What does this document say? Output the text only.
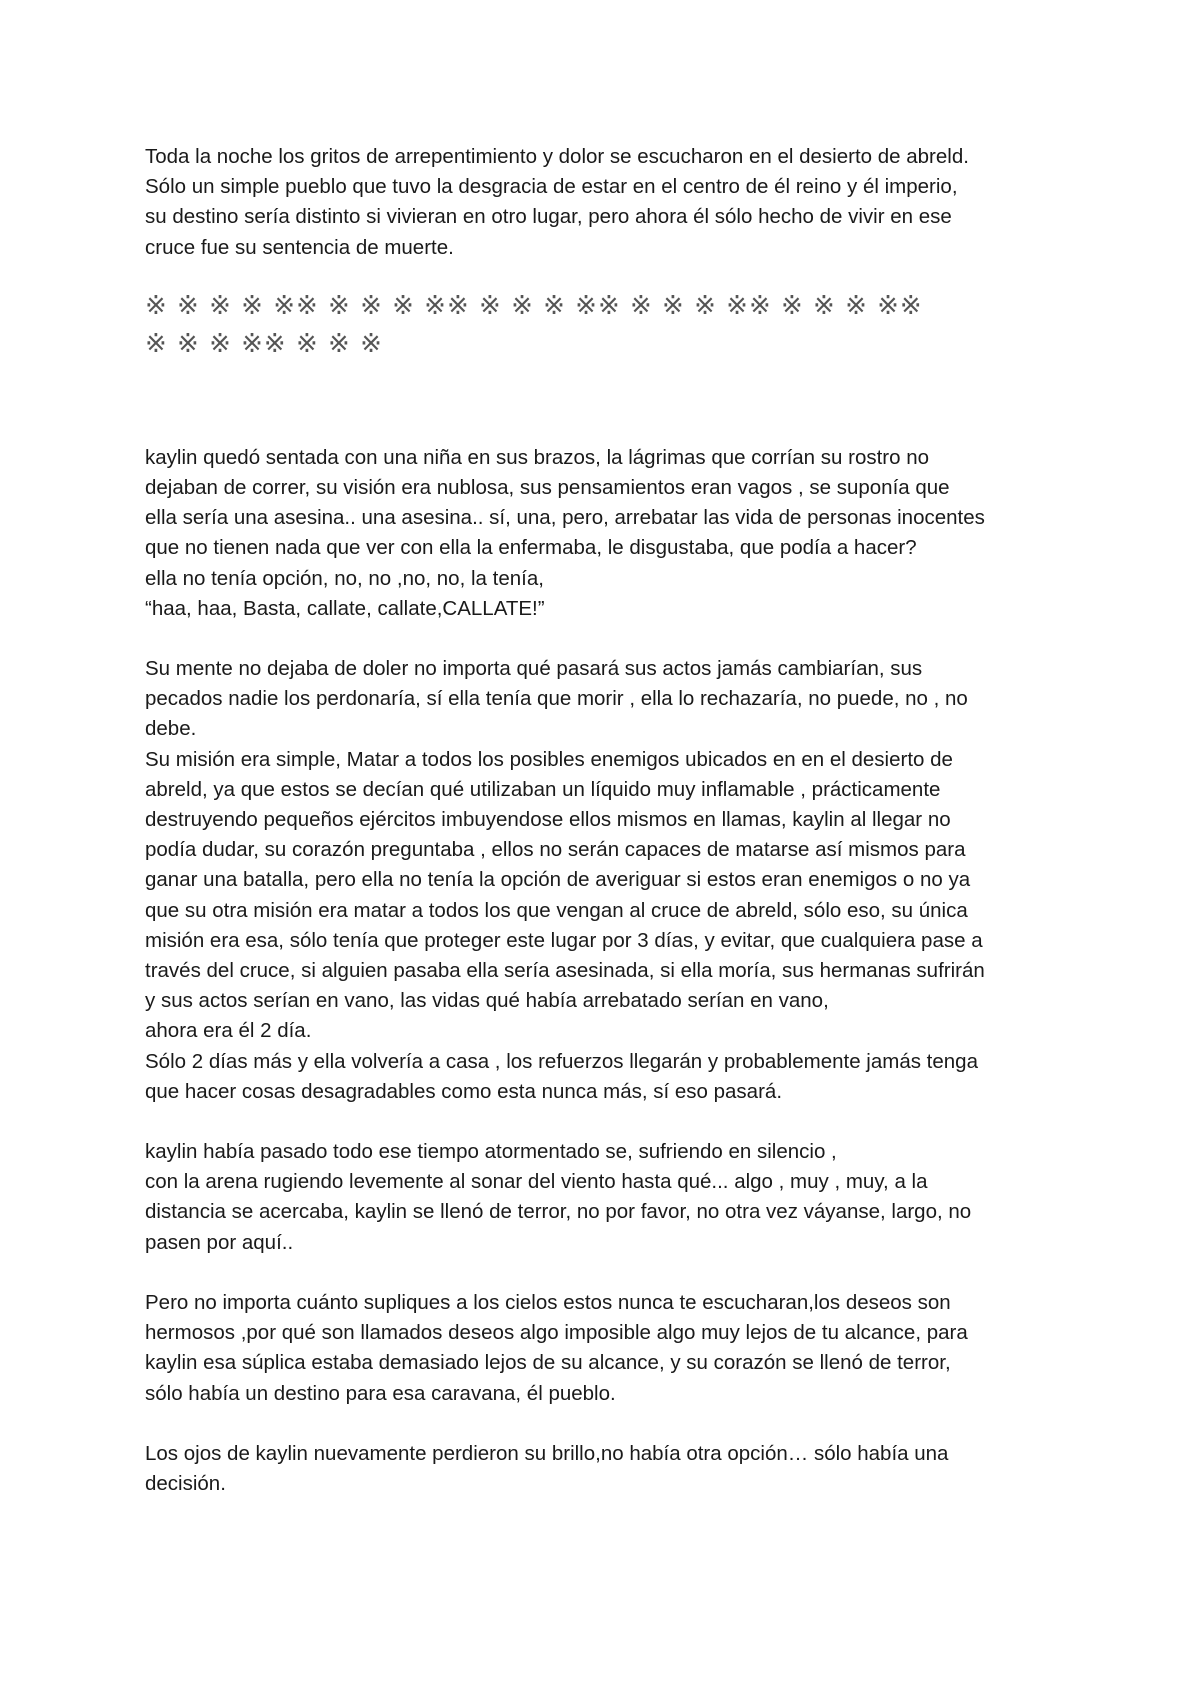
Toda la noche los gritos de arrepentimiento y dolor se escucharon en el desierto de abreld.
Sólo un simple pueblo que tuvo la desgracia de estar en el centro de él reino y él imperio,
su destino sería distinto si vivieran en otro lugar, pero ahora él sólo hecho de vivir en ese
cruce fue su sentencia de muerte.

※ ※ ※ ※ ※※ ※ ※ ※ ※※ ※ ※ ※ ※※ ※ ※ ※ ※※ ※ ※ ※ ※※
※ ※ ※ ※※ ※ ※ ※

kaylin quedó sentada con una niña en sus brazos, la lágrimas que corrían su rostro no
dejaban de correr, su visión era nublosa, sus pensamientos eran vagos , se suponía que
ella sería una asesina.. una asesina.. sí, una, pero, arrebatar las vida de personas inocentes
que no tienen nada que ver con ella la enfermaba, le disgustaba, que podía a hacer?
ella no tenía opción, no, no ,no, no, la tenía,
“haa, haa, Basta, callate, callate,CALLATE!”

Su mente no dejaba de doler no importa qué pasará sus actos jamás cambiarían, sus
pecados nadie los perdonaría, sí ella tenía que morir , ella lo rechazaría, no puede, no , no
debe.
Su misión era simple, Matar a todos los posibles enemigos ubicados en en el desierto de
abreld, ya que estos se decían qué utilizaban un líquido muy inflamable , prácticamente
destruyendo pequeños ejércitos imbuyendose ellos mismos en llamas, kaylin al llegar no
podía dudar, su corazón preguntaba , ellos no serán capaces de matarse así mismos para
ganar una batalla, pero ella no tenía la opción de averiguar si estos eran enemigos o no ya
que su otra misión era matar a todos los que vengan al cruce de abreld, sólo eso, su única
misión era esa, sólo tenía que proteger este lugar por 3 días, y evitar, que cualquiera pase a
través del cruce, si alguien pasaba ella sería asesinada, si ella moría, sus hermanas sufrirán
y sus actos serían en vano, las vidas qué había arrebatado serían en vano,
ahora era él 2 día.
Sólo 2 días más y ella volvería a casa , los refuerzos llegarán y probablemente jamás tenga
que hacer cosas desagradables como esta nunca más, sí eso pasará.

kaylin había pasado todo ese tiempo atormentado se, sufriendo en silencio ,
con la arena rugiendo levemente al sonar del viento hasta qué... algo , muy , muy, a la
distancia se acercaba, kaylin se llenó de terror, no por favor, no otra vez váyanse, largo, no
pasen por aquí..

Pero no importa cuánto supliques a los cielos estos nunca te escucharan,los deseos son
hermosos ,por qué son llamados deseos algo imposible algo muy lejos de tu alcance, para
kaylin esa súplica estaba demasiado lejos de su alcance, y su corazón se llenó de terror,
sólo había un destino para esa caravana, él pueblo.

Los ojos de kaylin nuevamente perdieron su brillo,no había otra opción… sólo había una
decisión.
